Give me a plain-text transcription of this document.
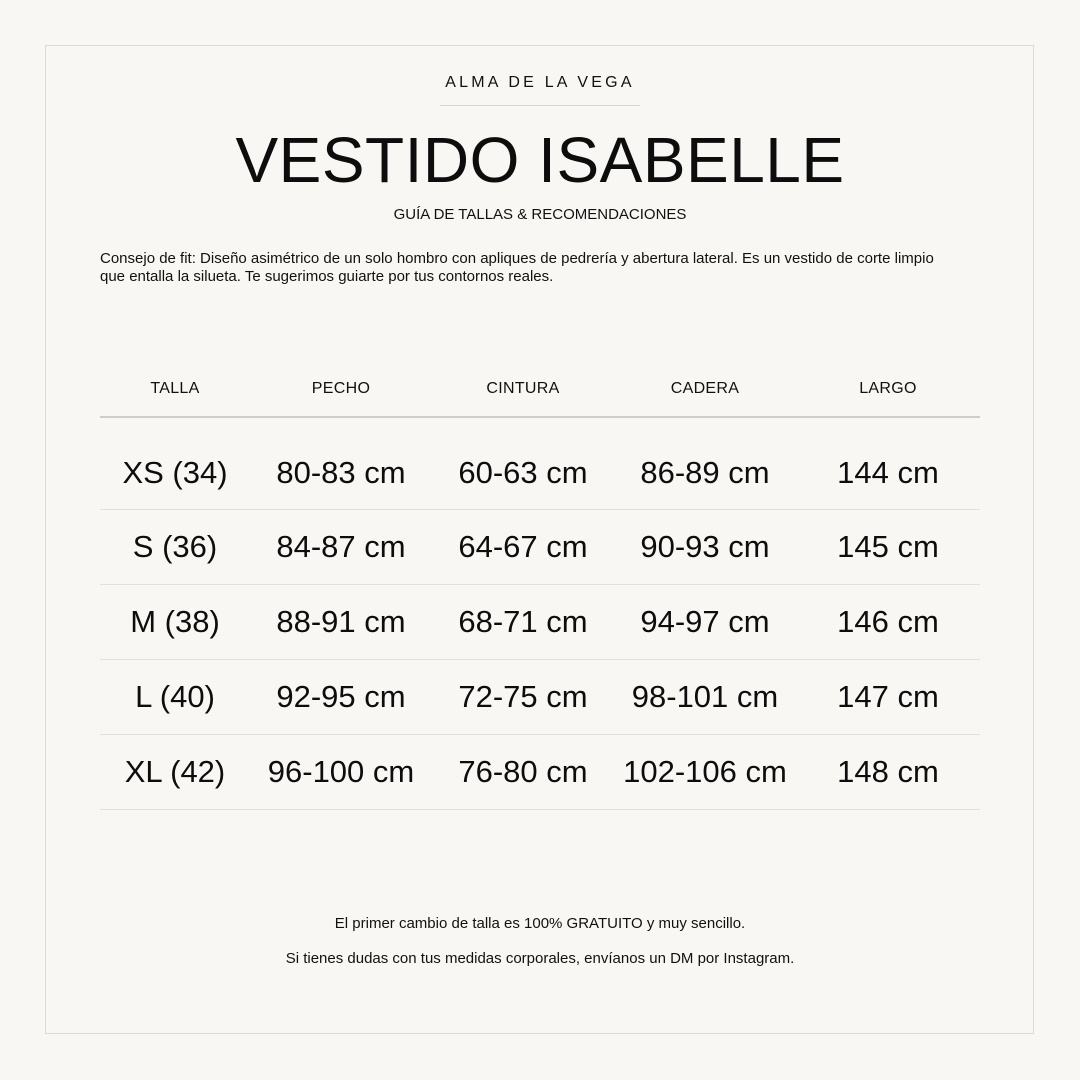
ALMA DE LA VEGA
VESTIDO ISABELLE
GUÍA DE TALLAS & RECOMENDACIONES

Consejo de fit: Diseño asimétrico de un solo hombro con apliques de pedrería y abertura lateral. Es un vestido de corte limpio que entalla la silueta. Te sugerimos guiarte por tus contornos reales.

TALLA	PECHO	CINTURA	CADERA	LARGO
XS (34)	80-83 cm	60-63 cm	86-89 cm	144 cm
S (36)	84-87 cm	64-67 cm	90-93 cm	145 cm
M (38)	88-91 cm	68-71 cm	94-97 cm	146 cm
L (40)	92-95 cm	72-75 cm	98-101 cm	147 cm
XL (42)	96-100 cm	76-80 cm	102-106 cm	148 cm
El primer cambio de talla es 100% GRATUITO y muy sencillo.
Si tienes dudas con tus medidas corporales, envíanos un DM por Instagram.
